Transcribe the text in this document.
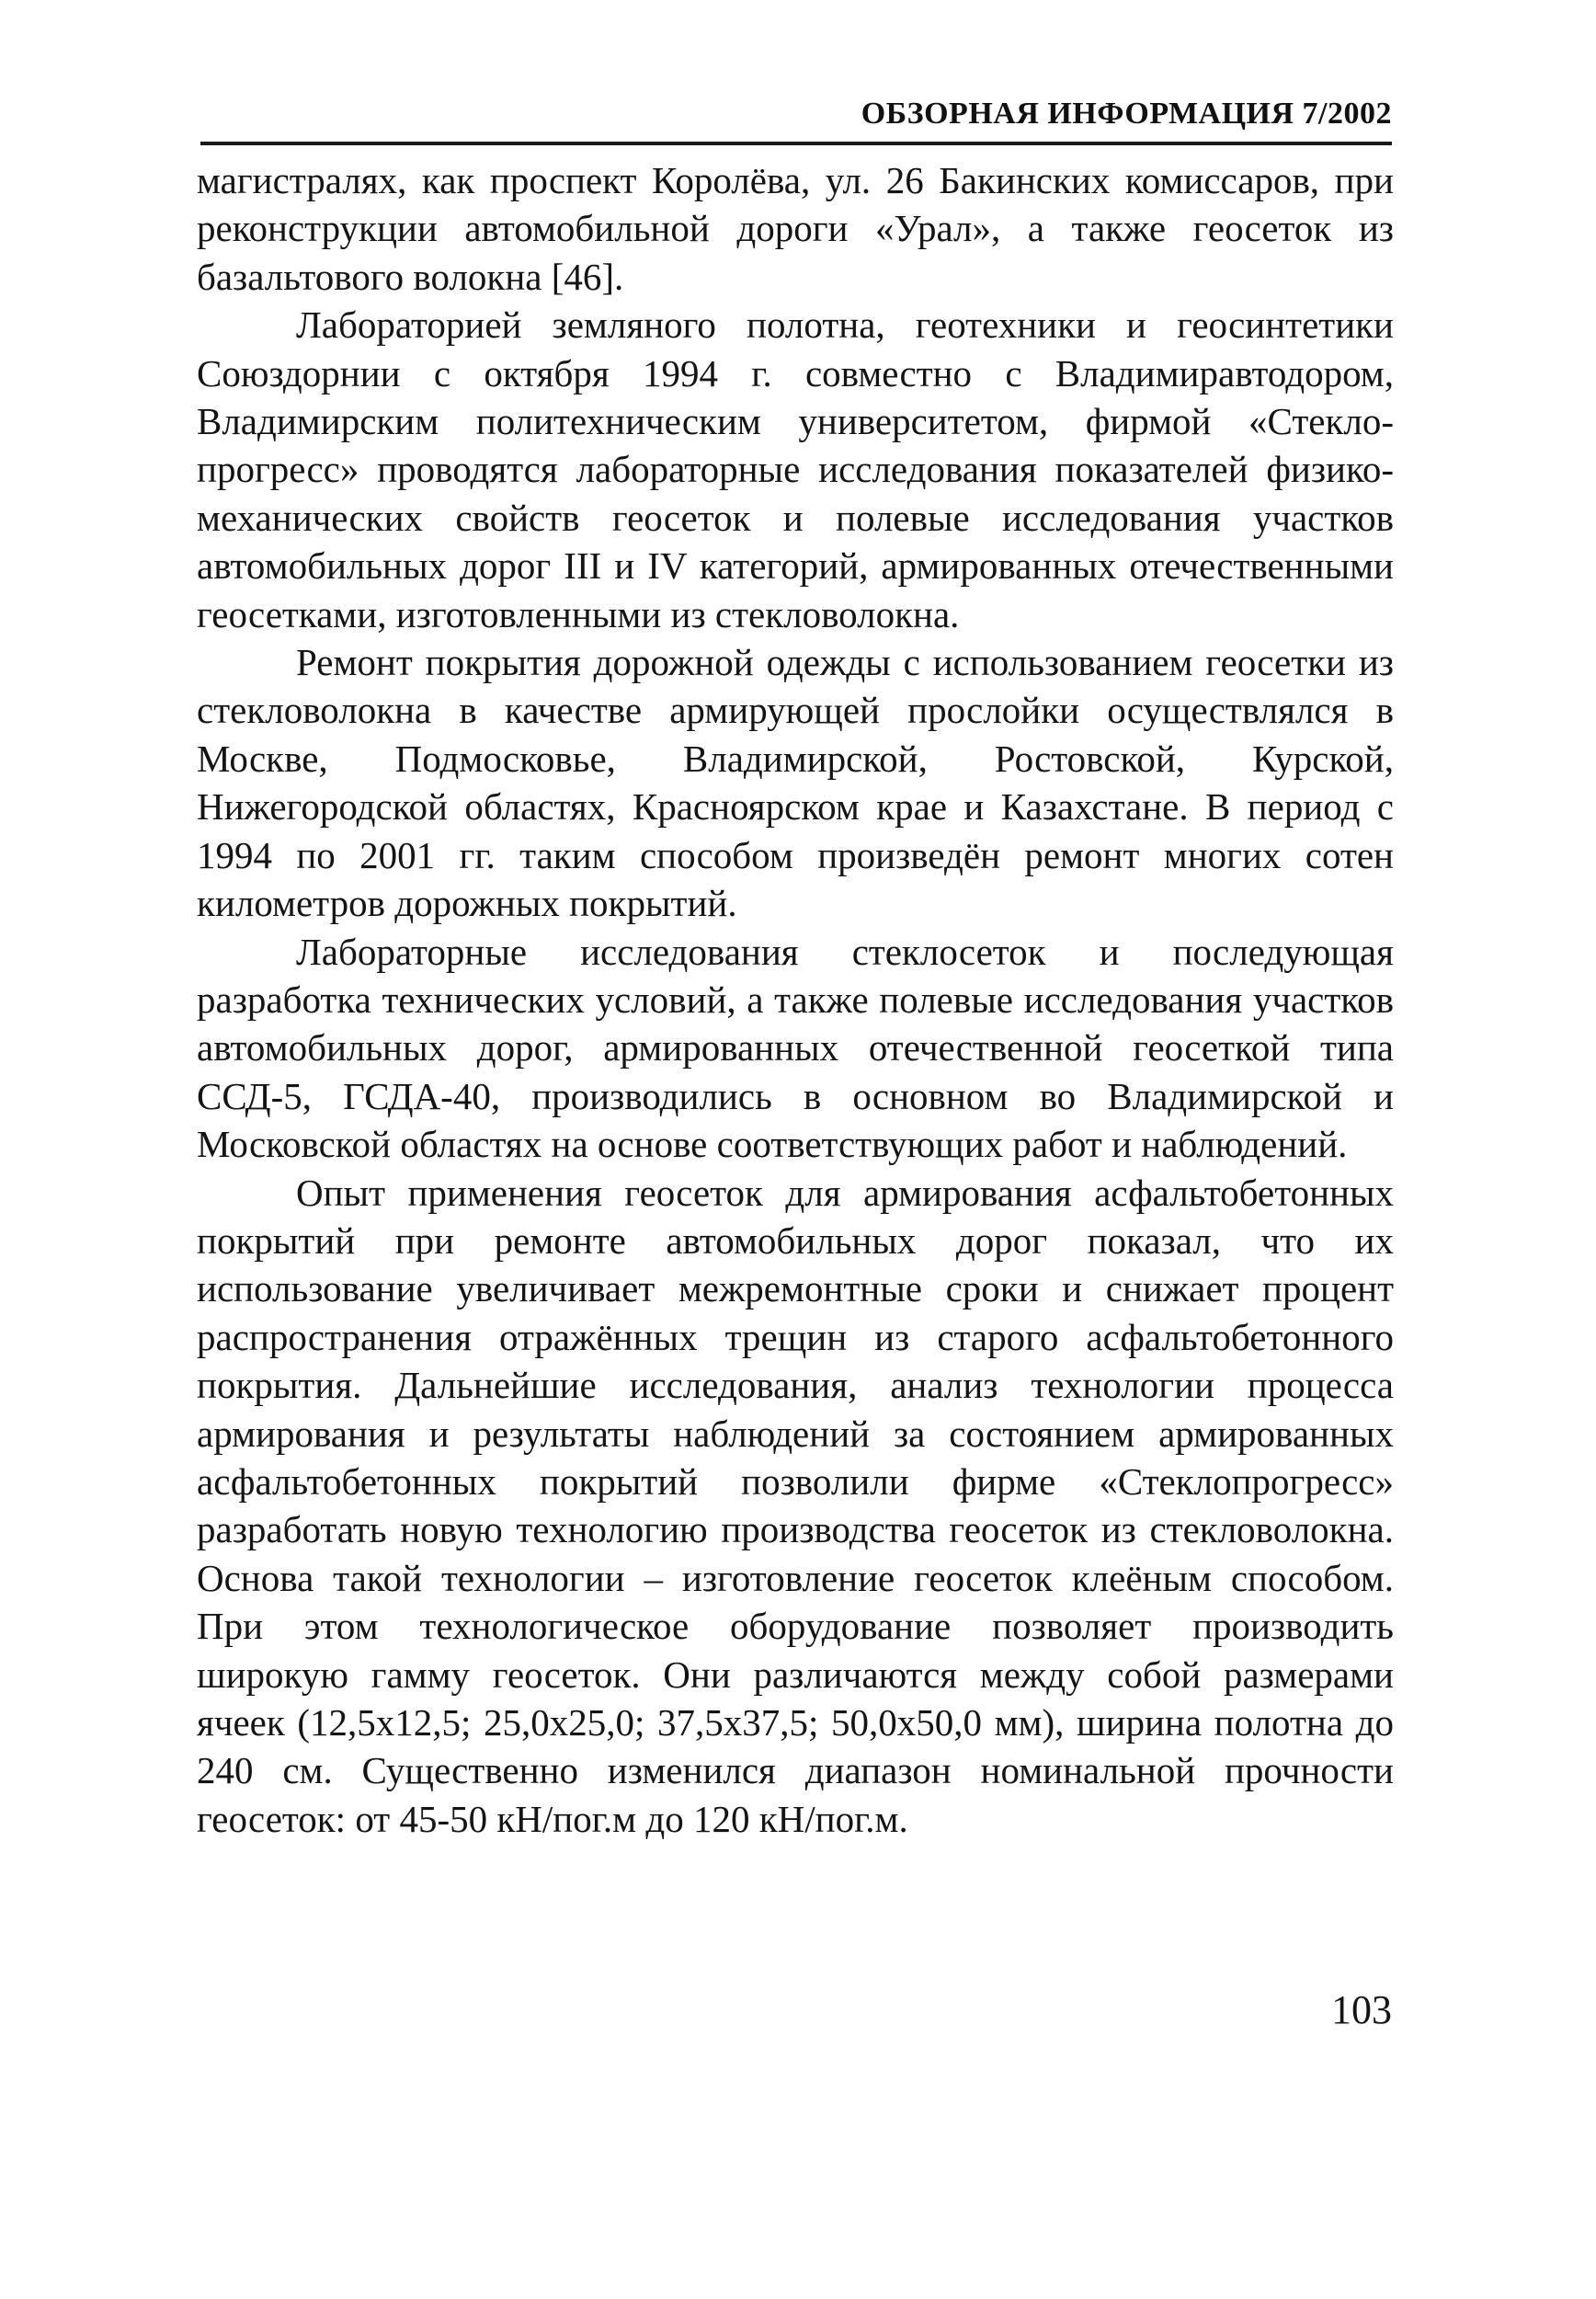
ОБЗОРНАЯ ИНФОРМАЦИЯ 7/2002

магистралях, как проспект Королёва, ул. 26 Бакинских комиссаров, при реконструкции автомобильной дороги «Урал», а также геосеток из базальтового волокна [46].

Лабораторией земляного полотна, геотехники и геосинтетики Союздорнии с октября 1994 г. совместно с Владимиравтодором, Владимирским политехническим университетом, фирмой «Стеклопрогресс» проводятся лабораторные исследования показателей физико-механических свойств геосеток и полевые исследования участков автомобильных дорог III и IV категорий, армированных отечественными геосетками, изготовленными из стекловолокна.

Ремонт покрытия дорожной одежды с использованием геосетки из стекловолокна в качестве армирующей прослойки осуществлялся в Москве, Подмосковье, Владимирской, Ростовской, Курской, Нижегородской областях, Красноярском крае и Казахстане. В период с 1994 по 2001 гг. таким способом произведён ремонт многих сотен километров дорожных покрытий.

Лабораторные исследования стеклосеток и последующая разработка технических условий, а также полевые исследования участков автомобильных дорог, армированных отечественной геосеткой типа ССД-5, ГСДА-40, производились в основном во Владимирской и Московской областях на основе соответствующих работ и наблюдений.

Опыт применения геосеток для армирования асфальтобетонных покрытий при ремонте автомобильных дорог показал, что их использование увеличивает межремонтные сроки и снижает процент распространения отражённых трещин из старого асфальтобетонного покрытия. Дальнейшие исследования, анализ технологии процесса армирования и результаты наблюдений за состоянием армированных асфальтобетонных покрытий позволили фирме «Стеклопрогресс» разработать новую технологию производства геосеток из стекловолокна. Основа такой технологии – изготовление геосеток клеёным способом. При этом технологическое оборудование позволяет производить широкую гамму геосеток. Они различаются между собой размерами ячеек (12,5х12,5; 25,0х25,0; 37,5х37,5; 50,0х50,0 мм), ширина полотна до 240 см. Существенно изменился диапазон номинальной прочности геосеток: от 45-50 кН/пог.м до 120 кН/пог.м.

103
